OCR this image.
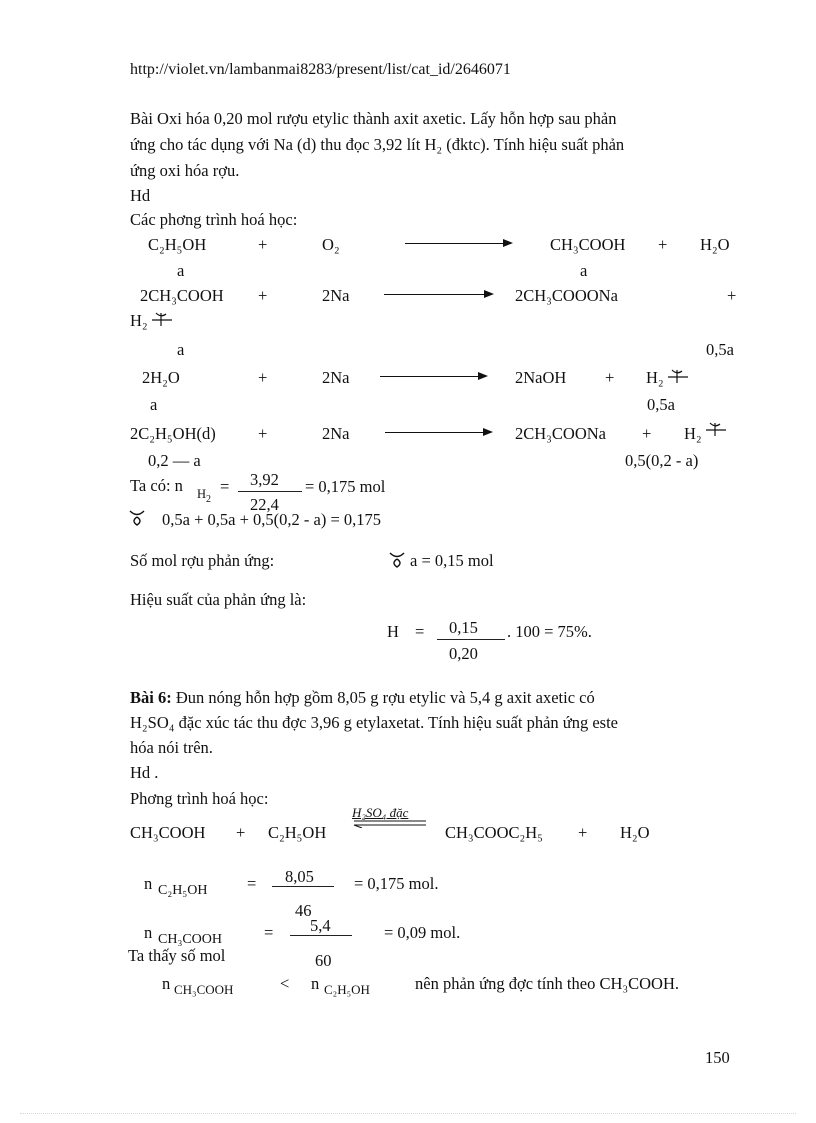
http://violet.vn/lambanmai8283/present/list/cat_id/2646071
Bài Oxi hóa 0,20 mol rượu etylic thành axit axetic. Lấy hỗn hợp sau phản
ứng cho tác dụng với Na (d) thu đọc 3,92 lít H₂ (đktc). Tính hiệu suất phản
ứng oxi hóa rợu.
Hd
Các phơng trình hoá học:
C₂H₅OH	+	O₂	CH₃COOH + H₂O
a	a
2CH₃COOH +	2Na	2CH₃COOONa	+
H₂
a	0,5a
2H₂O	+	2Na	2NaOH + H₂
a	0,5a
2C₂H₅OH(d)	+	2Na	2CH₃COONa + H₂
0,2 — a	0,5(0,2 - a)
Ta có: n $H_2$
= 3,92
22,4
= 0,175 mol
0,5a + 0,5a + 0,5(0,2 - a) = 0,175
Số mol rợu phản ứng:	a = 0,15 mol
Hiệu suất của phản ứng là:
H = 0,15
0,20
. 100 = 75%.
Bài 6: Đun nóng hỗn hợp gồm 8,05 g rợu etylic và 5,4 g axit axetic có
H₂SO₄ đặc xúc tác thu đợc 3,96 g etylaxetat. Tính hiệu suất phản ứng este
hóa nói trên.
Hd .
Phơng trình hoá học:
CH₃COOH + C₂H₅OH
H₂SO₄ đặc
CH₃COOC₂H₅ + H₂O
n C₂H₅OH = 8,05
46
= 0,175 mol.
n CH₃COOH	= 5,4
60
= 0,09 mol.
Ta thấy số mol
n CH₃COOH	< n C₂H₅OH	nên phản ứng đợc tính theo CH₃COOH.
150
